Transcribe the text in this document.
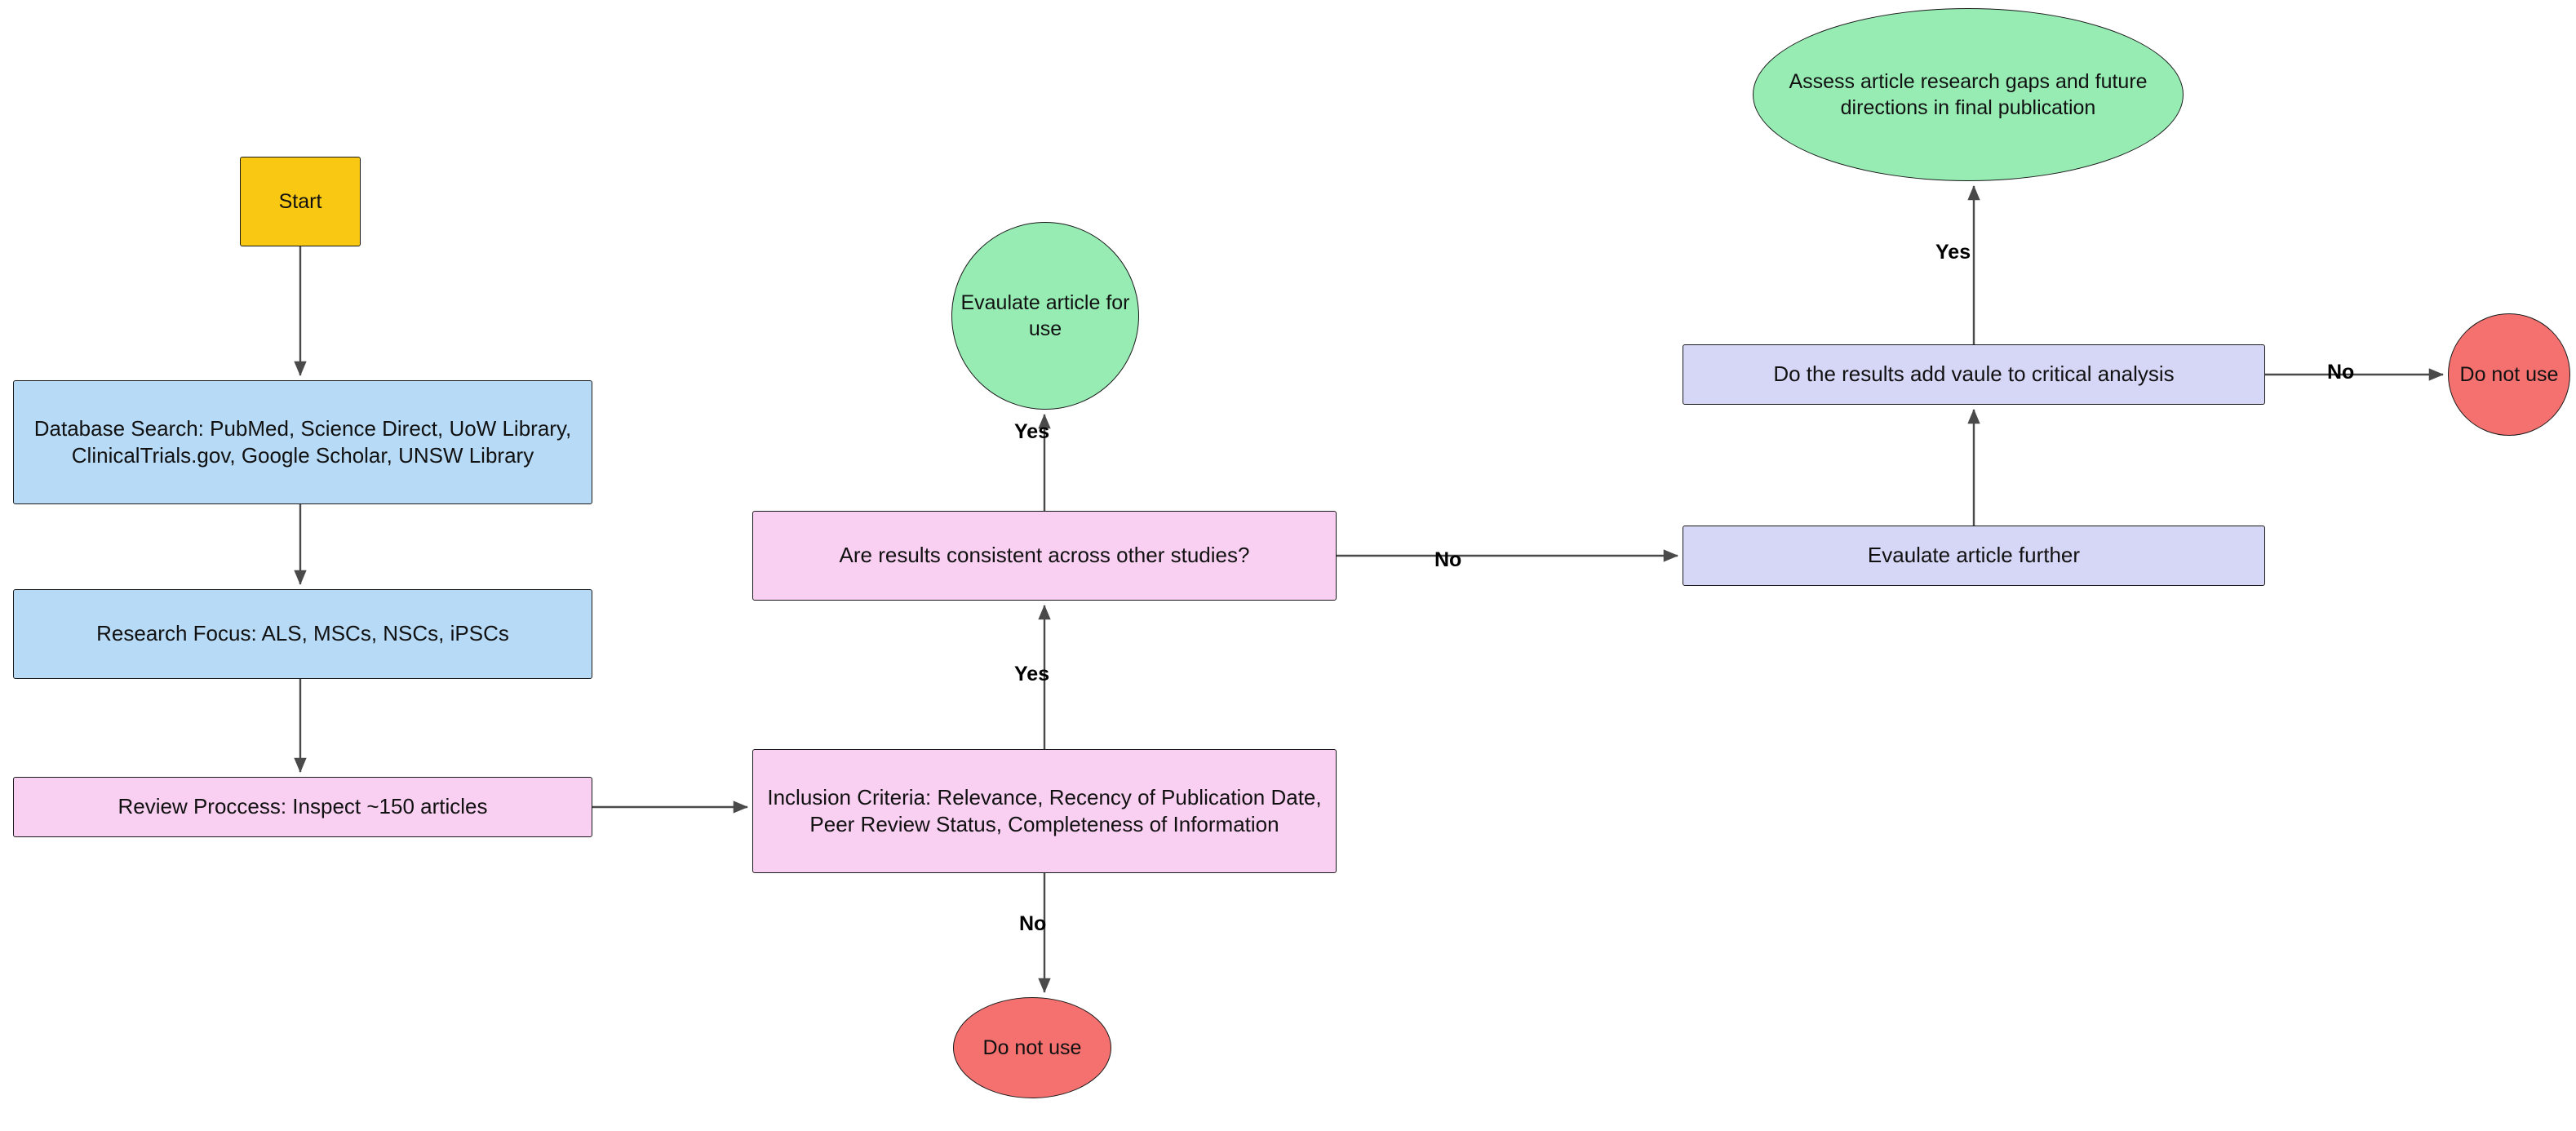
Start
Database Search: PubMed, Science Direct, UoW Library, ClinicalTrials.gov, Google Scholar, UNSW Library
Research Focus: ALS, MSCs, NSCs, iPSCs
Review Proccess: Inspect ~150 articles	Inclusion Criteria: Relevance, Recency of Publication Date, Peer Review Status, Completeness of Information
Do not use
Are results consistent across other studies?
Evaulate article for use
Evaulate article further
Do the results add vaule to critical analysis
Assess article research gaps and future directions in final publication
Do not use
Yes
No
Yes
No
Yes
No
